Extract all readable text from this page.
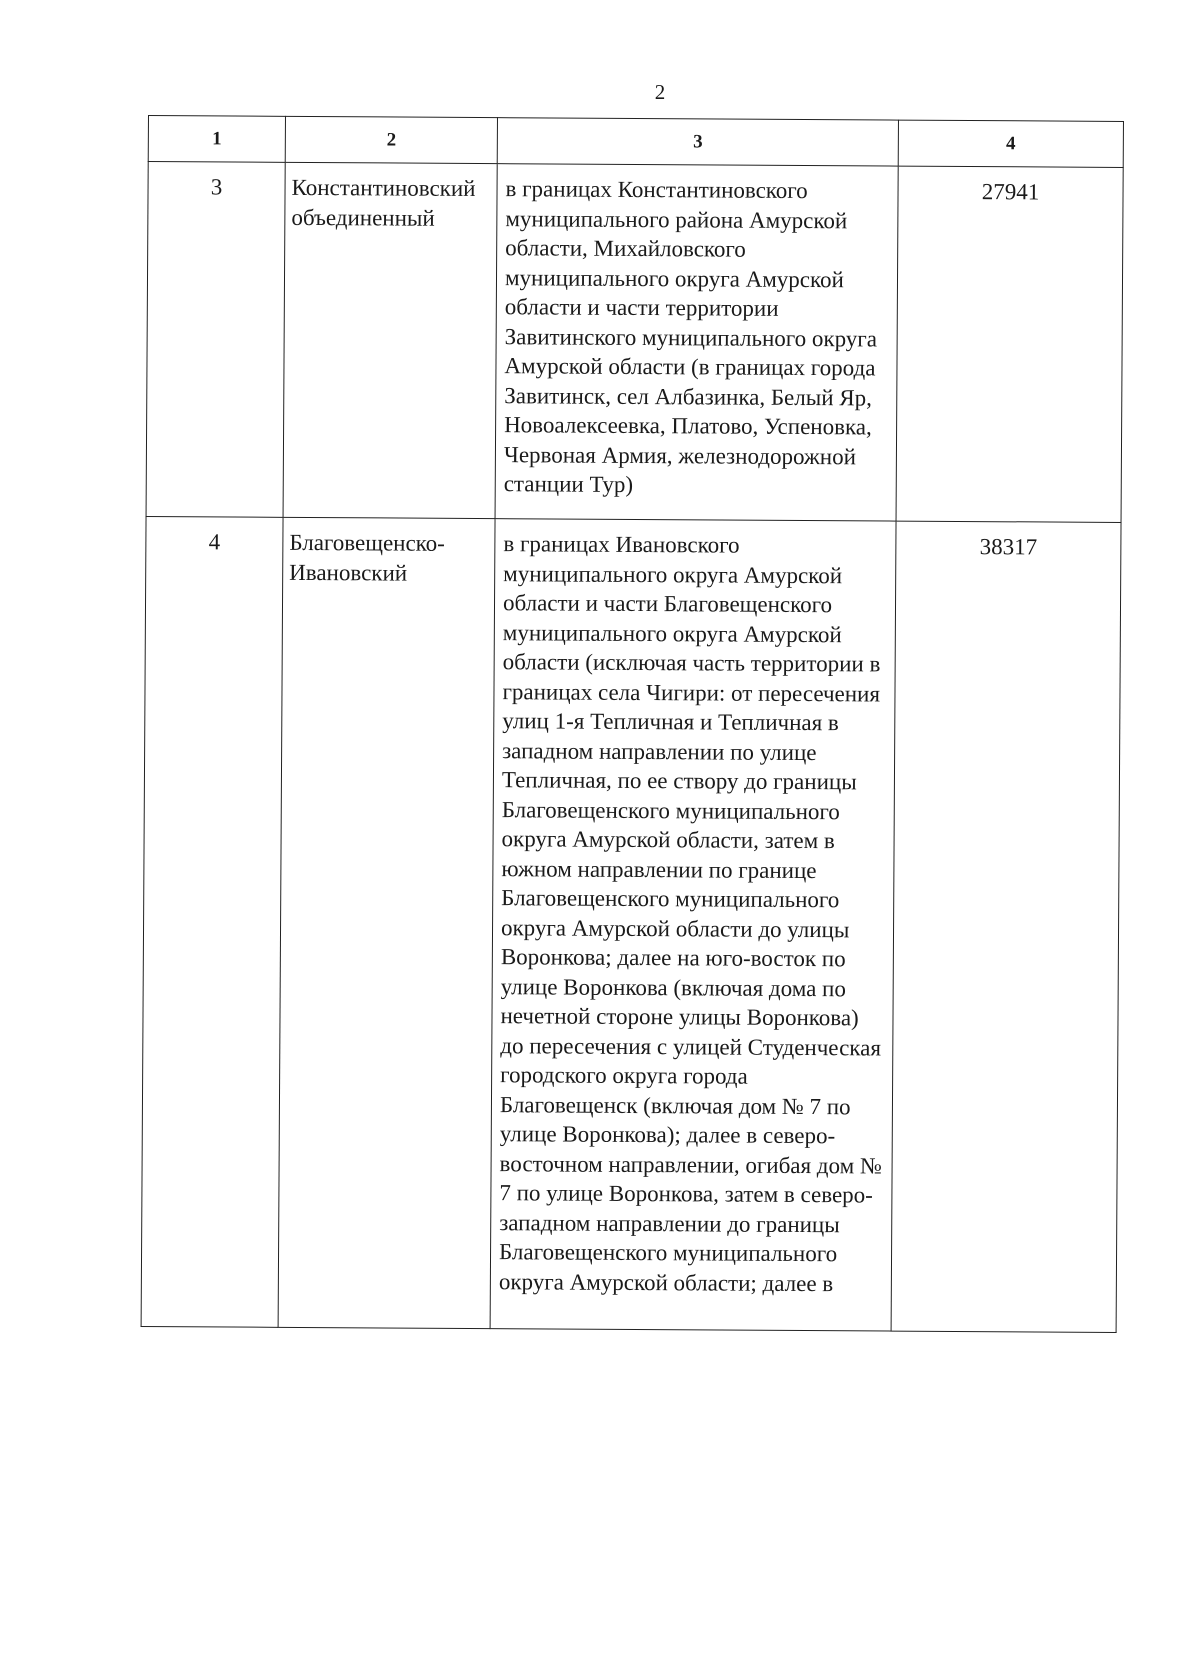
2
1	2	3	4
3	Константиновский объединенный	в границах Константиновского муниципального района Амурской области, Михайловского муниципального округа Амурской области и части территории Завитинского муниципального округа Амурской области (в границах города Завитинск, сел Албазинка, Белый Яр, Новоалексеевка, Платово, Успеновка, Червоная Армия, железнодорожной станции Тур)	27941
4	Благовещенско-Ивановский	в границах Ивановского муниципального округа Амурской области и части Благовещенского муниципального округа Амурской области (исключая часть территории в границах села Чигири: от пересечения улиц 1-я Тепличная и Тепличная в западном направлении по улице Тепличная, по ее створу до границы Благовещенского муниципального округа Амурской области, затем в южном направлении по границе Благовещенского муниципального округа Амурской области до улицы Воронкова; далее на юго-восток по улице Воронкова (включая дома по нечетной стороне улицы Воронкова) до пересечения с улицей Студенческая городского округа города Благовещенск (включая дом № 7 по улице Воронкова); далее в северо-восточном направлении, огибая дом № 7 по улице Воронкова, затем в северо-западном направлении до границы Благовещенского муниципального округа Амурской области; далее в	38317
